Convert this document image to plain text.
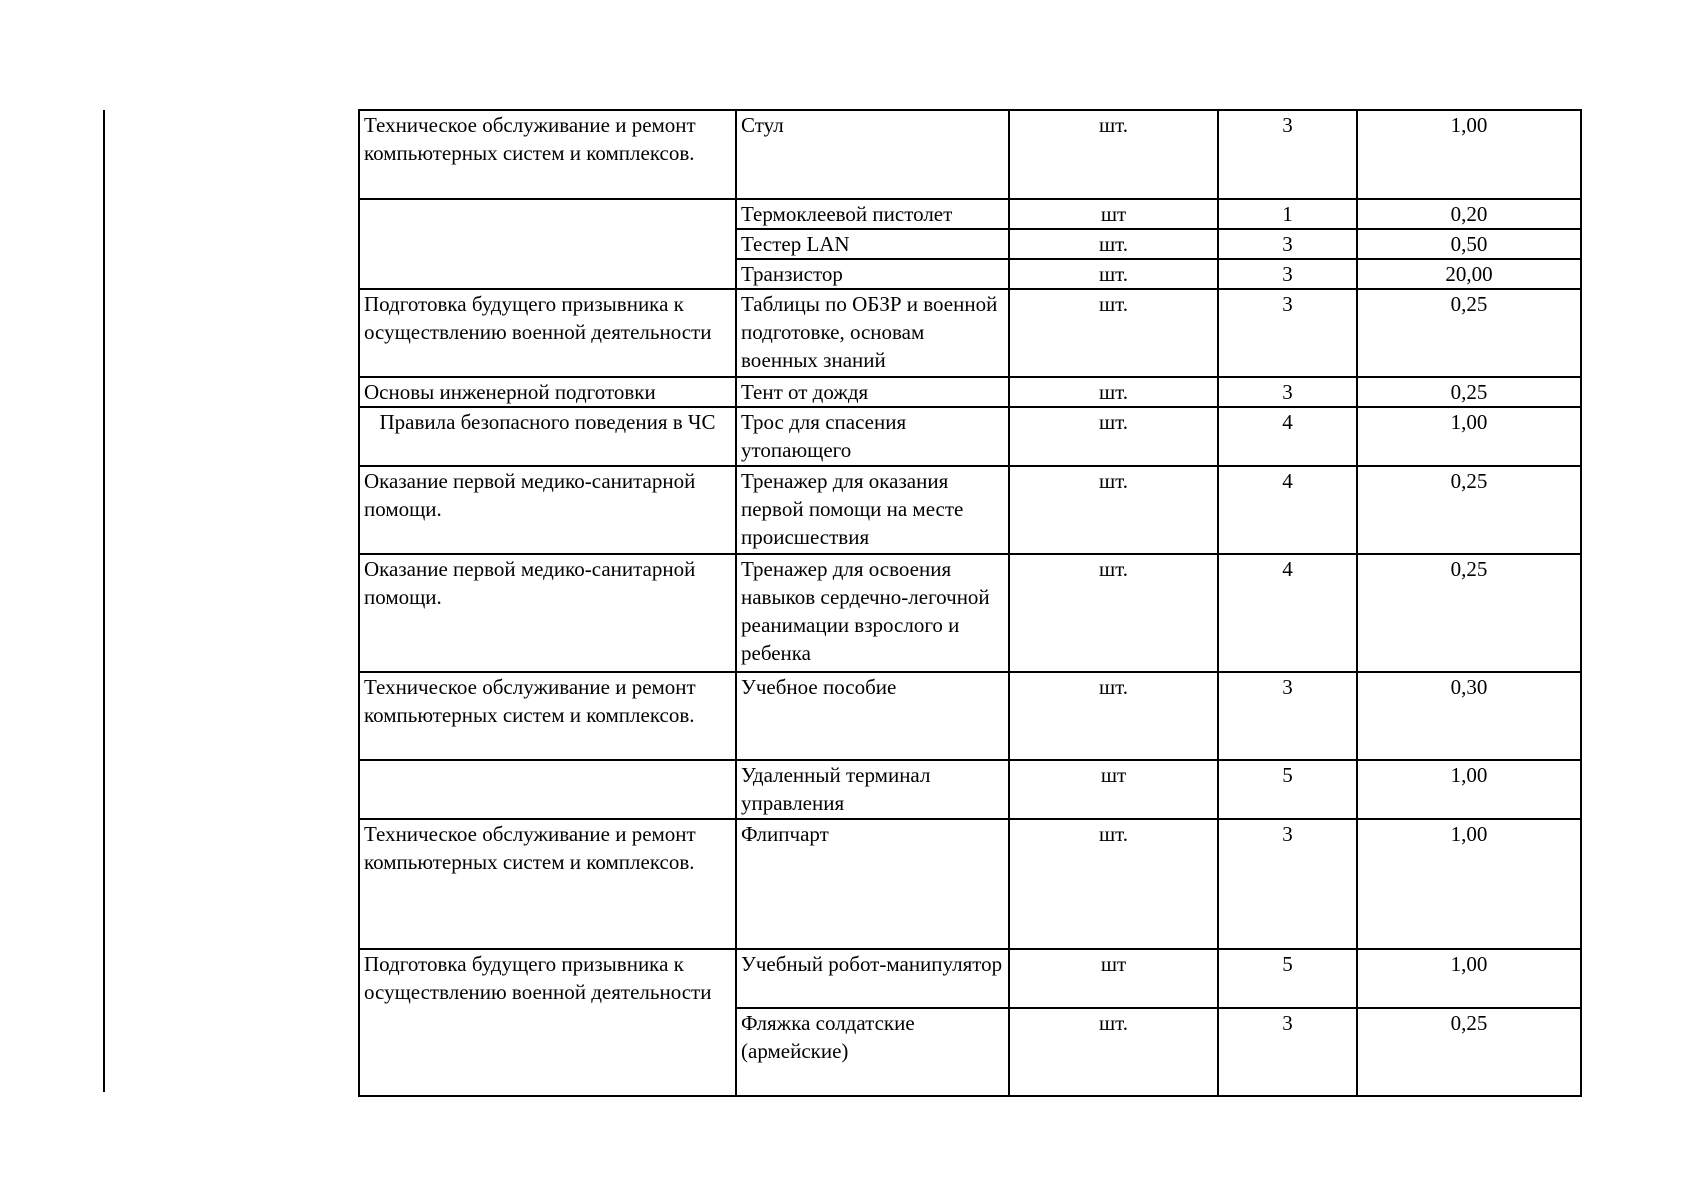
Техническое обслуживание и ремонт компьютерных систем и комплексов.	Стул	шт.	3	1,00
	Термоклеевой пистолет	шт	1	0,20
	Тестер LAN	шт.	3	0,50
	Транзистор	шт.	3	20,00
Подготовка будущего призывника к осуществлению военной деятельности	Таблицы по ОБЗР и военной подготовке, основам военных знаний	шт.	3	0,25
Основы инженерной подготовки	Тент от дождя	шт.	3	0,25
Правила безопасного поведения в ЧС	Трос для спасения утопающего	шт.	4	1,00
Оказание первой медико-санитарной помощи.	Тренажер для оказания первой помощи на месте происшествия	шт.	4	0,25
Оказание первой медико-санитарной помощи.	Тренажер для освоения навыков сердечно-легочной реанимации взрослого и ребенка	шт.	4	0,25
Техническое обслуживание и ремонт компьютерных систем и комплексов.	Учебное пособие	шт.	3	0,30
	Удаленный терминал управления	шт	5	1,00
Техническое обслуживание и ремонт компьютерных систем и комплексов.	Флипчарт	шт.	3	1,00
Подготовка будущего призывника к осуществлению военной деятельности	Учебный робот-манипулятор	шт	5	1,00
	Фляжка солдатские (армейские)	шт.	3	0,25
